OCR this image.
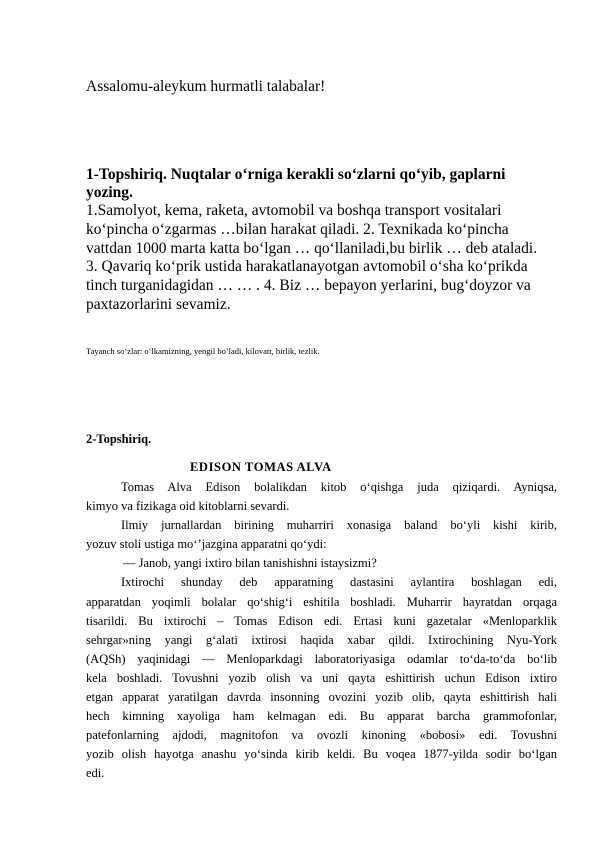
Assalomu-aleykum hurmatli talabalar!
1-Topshiriq. Nuqtalar o‘rniga kerakli so‘zlarni qo‘yib, gaplarni
yozing.
1.Samolyot, kema, raketa, avtomobil va boshqa transport vositalari
ko‘pincha o‘zgarmas …bilan harakat qiladi. 2. Texnikada ko‘pincha
vattdan 1000 marta katta bo‘lgan … qo‘llaniladi,bu birlik … deb ataladi.
3. Qavariq ko‘prik ustida harakatlanayotgan avtomobil o‘sha ko‘prikda
tinch turganidagidan … … . 4. Biz … bepayon yerlarini, bug‘doyzor va
paxtazorlarini sevamiz.
Tayanch so‘zlar: o‘lkamizning, yengil bo‘ladi, kilovatt, birlik, tezlik.
2-Topshiriq.
EDISON TOMAS ALVA
Tomas Alva Edison bolalikdan kitob o‘qishga juda qiziqardi. Ayniqsa,
kimyo va fizikaga oid kitoblarni sevardi.
Ilmiy jurnallardan birining muharriri xonasiga baland bo‘yli kishi kirib,
yozuv stoli ustiga mo‘’jazgina apparatni qo‘ydi:
— Janob, yangi ixtiro bilan tanishishni istaysizmi?
Ixtirochi shunday deb apparatning dastasini aylantira boshlagan edi,
apparatdan yoqimli bolalar qo‘shig‘i eshitila boshladi. Muharrir hayratdan orqaga
tisarildi. Bu ixtirochi – Tomas Edison edi. Ertasi kuni gazetalar «Menloparklik
sehrgar»ning yangi g‘alati ixtirosi haqida xabar qildi. Ixtirochining Nyu-York
(AQSh) yaqinidagi — Menloparkdagi laboratoriyasiga odamlar to‘da-to‘da bo‘lib
kela boshladi. Tovushni yozib olish va uni qayta eshittirish uchun Edison ixtiro
etgan apparat yaratilgan davrda insonning ovozini yozib olib, qayta eshittirish hali
hech kimning xayoliga ham kelmagan edi. Bu apparat barcha grammofonlar,
patefonlarning ajdodi, magnitofon va ovozli kinoning «bobosi» edi. Tovushni
yozib olish hayotga anashu yo‘sinda kirib keldi. Bu voqea 1877-yilda sodir bo‘lgan
edi.
